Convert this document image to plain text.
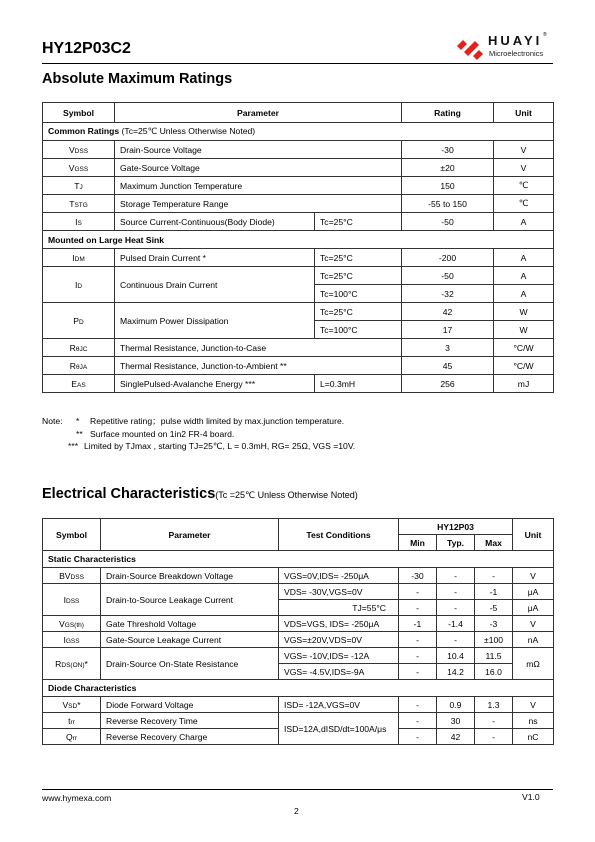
HY12P03C2	HUAYI ®
Microelectronics
Absolute Maximum Ratings
Symbol	Parameter		Rating	Unit
Common Ratings (Tc=25℃ Unless Otherwise Noted)				
VDSS	Drain-Source Voltage		-30	V
VGSS	Gate-Source Voltage		±20	V
TJ	Maximum Junction Temperature		150	℃
TSTG	Storage Temperature Range		-55 to 150	℃
IS	Source Current-Continuous(Body Diode)	Tc=25°C	-50	A
Mounted on Large Heat Sink				
IDM	Pulsed Drain Current *	Tc=25°C	-200	A
ID	Continuous Drain Current	Tc=25°C	-50	A
		Tc=100°C	-32	A
PD	Maximum Power Dissipation	Tc=25°C	42	W
		Tc=100°C	17	W
RθJC	Thermal Resistance, Junction-to-Case		3	°C/W
RθJA	Thermal Resistance, Junction-to-Ambient **		45	°C/W
EAS	SinglePulsed-Avalanche Energy ***	L=0.3mH	256	mJ
Note: * Repetitive rating；pulse width limited by max.junction temperature.
** Surface mounted on 1in2 FR-4 board.
*** Limited by TJmax , starting TJ=25℃, L = 0.3mH, RG= 25Ω, VGS =10V.
Electrical Characteristics(Tc =25℃ Unless Otherwise Noted)
Symbol	Parameter	Test Conditions	HY12P03			Unit
			Min	Typ.	Max	
Static Characteristics						
BVDSS	Drain-Source Breakdown Voltage	VGS=0V,IDS= -250μA	-30	-	-	V
IDSS	Drain-to-Source Leakage Current	VDS= -30V,VGS=0V	-	-	-1	μA
		TJ=55°C	-	-	-5	μA
VGS(th)	Gate Threshold Voltage	VDS=VGS, IDS= -250μA	-1	-1.4	-3	V
IGSS	Gate-Source Leakage Current	VGS=±20V,VDS=0V	-	-	±100	nA
RDS(ON)*	Drain-Source On-State Resistance	VGS= -10V,IDS= -12A	-	10.4	11.5	mΩ
		VGS= -4.5V,IDS=-9A	-	14.2	16.0	
Diode Characteristics						
VSD*	Diode Forward Voltage	ISD= -12A,VGS=0V	-	0.9	1.3	V
trr	Reverse Recovery Time	ISD=12A,dISD/dt=100A/μs	-	30	-	ns
Qrr	Reverse Recovery Charge		-	42	-	nC
www.hymexa.com	V1.0
2
